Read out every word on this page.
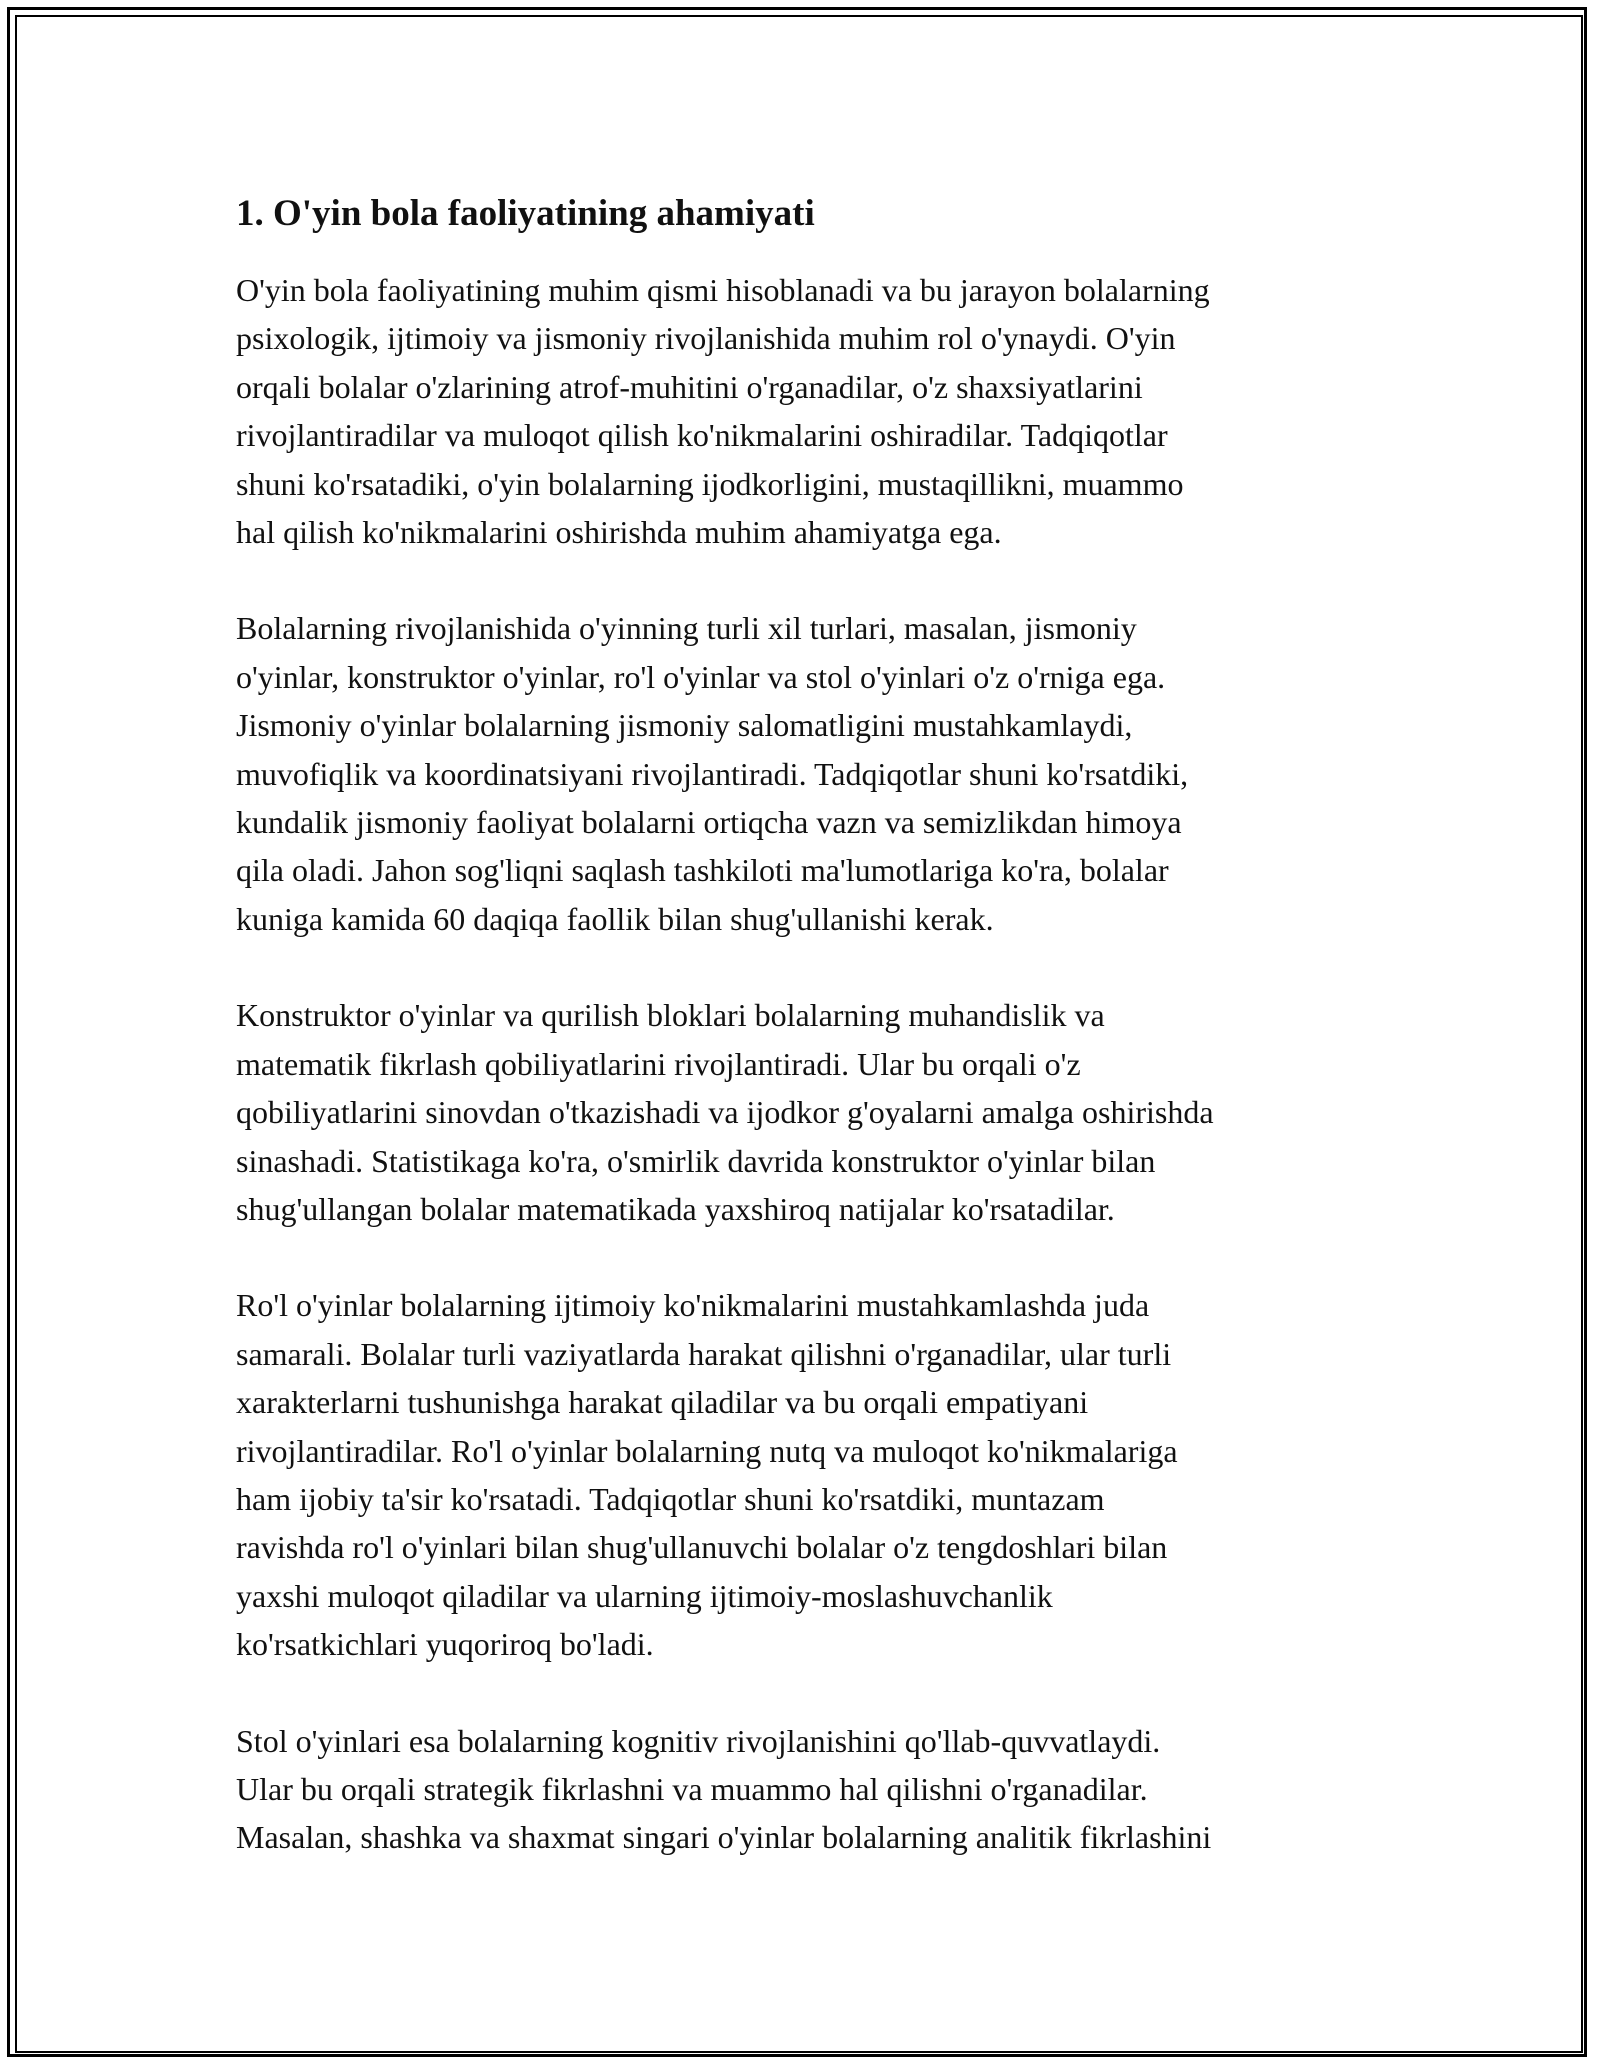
1. O'yin bola faoliyatining ahamiyati

O'yin bola faoliyatining muhim qismi hisoblanadi va bu jarayon bolalarning
psixologik, ijtimoiy va jismoniy rivojlanishida muhim rol o'ynaydi. O'yin
orqali bolalar o'zlarining atrof-muhitini o'rganadilar, o'z shaxsiyatlarini
rivojlantiradilar va muloqot qilish ko'nikmalarini oshiradilar. Tadqiqotlar
shuni ko'rsatadiki, o'yin bolalarning ijodkorligini, mustaqillikni, muammo
hal qilish ko'nikmalarini oshirishda muhim ahamiyatga ega.

Bolalarning rivojlanishida o'yinning turli xil turlari, masalan, jismoniy
o'yinlar, konstruktor o'yinlar, ro'l o'yinlar va stol o'yinlari o'z o'rniga ega.
Jismoniy o'yinlar bolalarning jismoniy salomatligini mustahkamlaydi,
muvofiqlik va koordinatsiyani rivojlantiradi. Tadqiqotlar shuni ko'rsatdiki,
kundalik jismoniy faoliyat bolalarni ortiqcha vazn va semizlikdan himoya
qila oladi. Jahon sog'liqni saqlash tashkiloti ma'lumotlariga ko'ra, bolalar
kuniga kamida 60 daqiqa faollik bilan shug'ullanishi kerak.

Konstruktor o'yinlar va qurilish bloklari bolalarning muhandislik va
matematik fikrlash qobiliyatlarini rivojlantiradi. Ular bu orqali o'z
qobiliyatlarini sinovdan o'tkazishadi va ijodkor g'oyalarni amalga oshirishda
sinashadi. Statistikaga ko'ra, o'smirlik davrida konstruktor o'yinlar bilan
shug'ullangan bolalar matematikada yaxshiroq natijalar ko'rsatadilar.

Ro'l o'yinlar bolalarning ijtimoiy ko'nikmalarini mustahkamlashda juda
samarali. Bolalar turli vaziyatlarda harakat qilishni o'rganadilar, ular turli
xarakterlarni tushunishga harakat qiladilar va bu orqali empatiyani
rivojlantiradilar. Ro'l o'yinlar bolalarning nutq va muloqot ko'nikmalariga
ham ijobiy ta'sir ko'rsatadi. Tadqiqotlar shuni ko'rsatdiki, muntazam
ravishda ro'l o'yinlari bilan shug'ullanuvchi bolalar o'z tengdoshlari bilan
yaxshi muloqot qiladilar va ularning ijtimoiy-moslashuvchanlik
ko'rsatkichlari yuqoriroq bo'ladi.

Stol o'yinlari esa bolalarning kognitiv rivojlanishini qo'llab-quvvatlaydi.
Ular bu orqali strategik fikrlashni va muammo hal qilishni o'rganadilar.
Masalan, shashka va shaxmat singari o'yinlar bolalarning analitik fikrlashini
